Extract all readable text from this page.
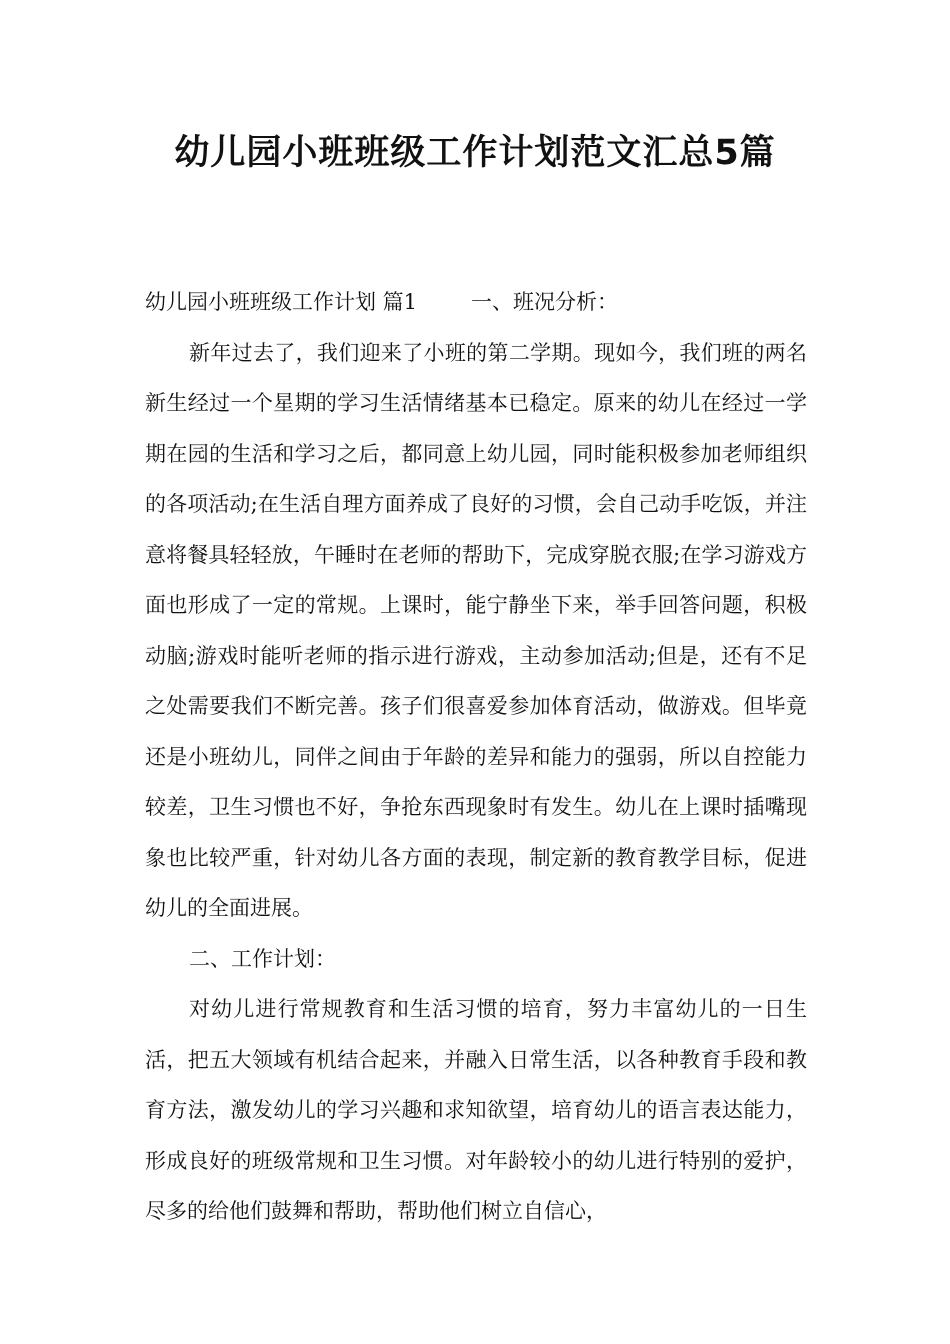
幼儿园小班班级工作计划范文汇总5篇

幼儿园小班班级工作计划 篇1	一、班况分析：

新年过去了，我们迎来了小班的第二学期。现如今，我们班的两名新生经过一个星期的学习生活情绪基本已稳定。原来的幼儿在经过一学期在园的生活和学习之后，都同意上幼儿园，同时能积极参加老师组织的各项活动;在生活自理方面养成了良好的习惯，会自己动手吃饭，并注意将餐具轻轻放，午睡时在老师的帮助下，完成穿脱衣服;在学习游戏方面也形成了一定的常规。上课时，能宁静坐下来，举手回答问题，积极动脑;游戏时能听老师的指示进行游戏，主动参加活动;但是，还有不足之处需要我们不断完善。孩子们很喜爱参加体育活动，做游戏。但毕竟还是小班幼儿，同伴之间由于年龄的差异和能力的强弱，所以自控能力较差，卫生习惯也不好，争抢东西现象时有发生。幼儿在上课时插嘴现象也比较严重，针对幼儿各方面的表现，制定新的教育教学目标，促进幼儿的全面进展。

二、工作计划：

对幼儿进行常规教育和生活习惯的培育，努力丰富幼儿的一日生活，把五大领域有机结合起来，并融入日常生活，以各种教育手段和教育方法，激发幼儿的学习兴趣和求知欲望，培育幼儿的语言表达能力，形成良好的班级常规和卫生习惯。对年龄较小的幼儿进行特别的爱护，尽多的给他们鼓舞和帮助，帮助他们树立自信心，
